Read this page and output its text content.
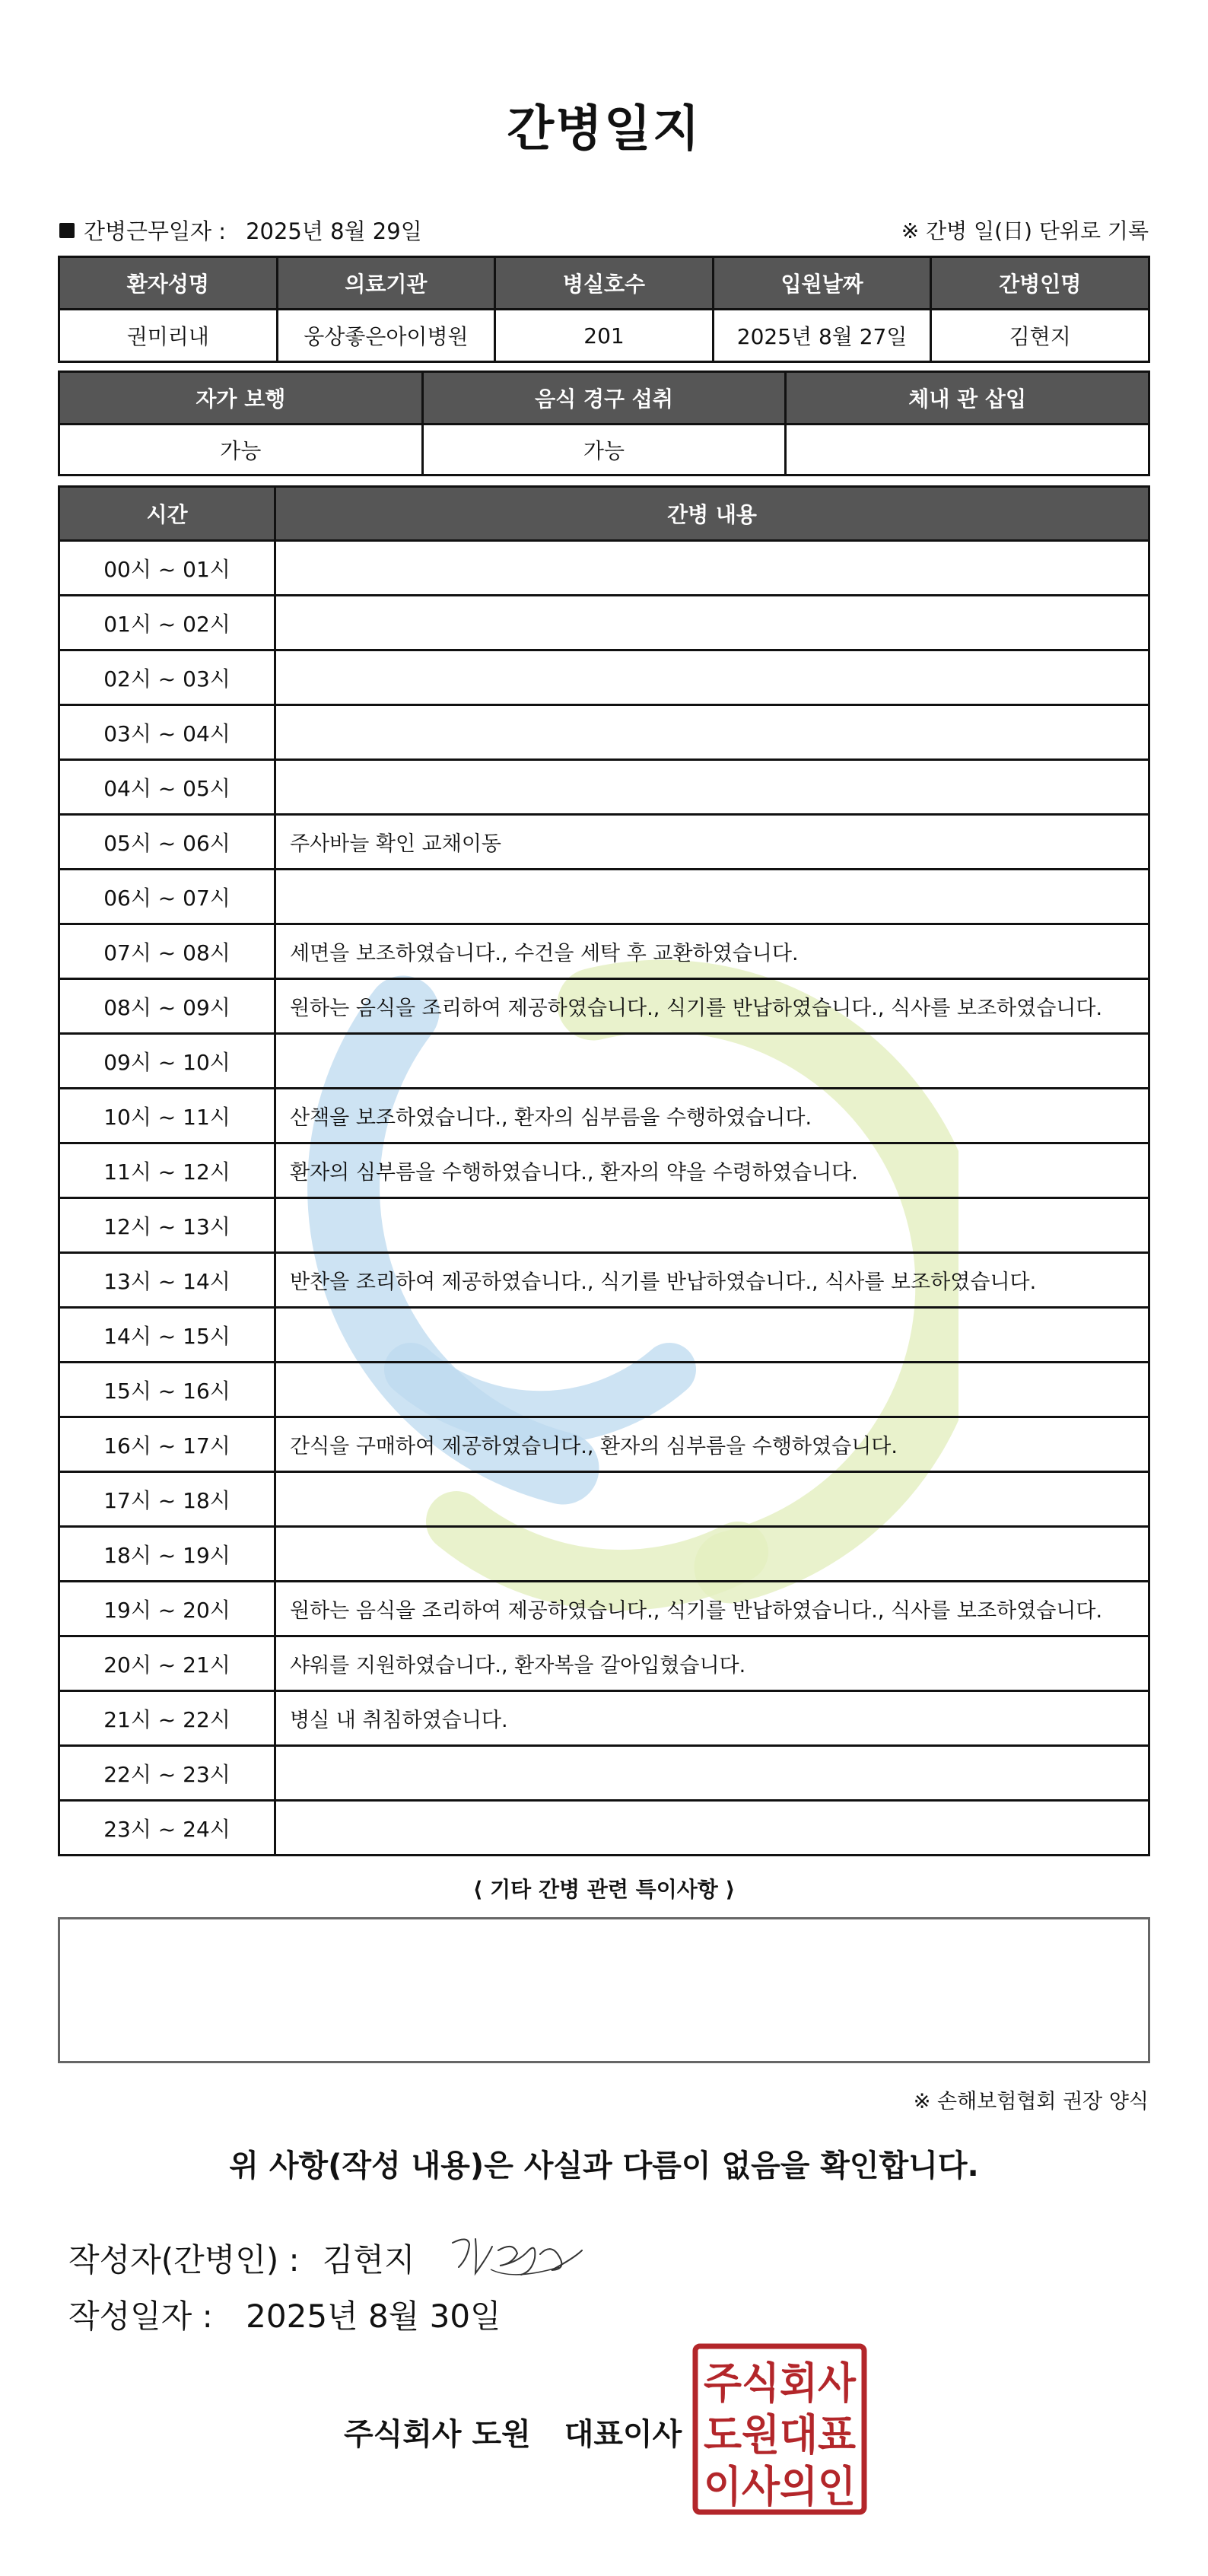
간병일지
간병근무일자 : 2025년 8월 29일	※ 간병 일(日) 단위로 기록
환자성명	의료기관	병실호수	입원날짜	간병인명
권미리내	웅상좋은아이병원	201	2025년 8월 27일	김현지
자가 보행	음식 경구 섭취	체내 관 삽입
가능	가능	
시간	간병 내용
00시 ~ 01시	
01시 ~ 02시	
02시 ~ 03시	
03시 ~ 04시	
04시 ~ 05시	
05시 ~ 06시	주사바늘 확인 교채이동
06시 ~ 07시	
07시 ~ 08시	세면을 보조하였습니다., 수건을 세탁 후 교환하였습니다.
08시 ~ 09시	원하는 음식을 조리하여 제공하였습니다., 식기를 반납하였습니다., 식사를 보조하였습니다.
09시 ~ 10시	
10시 ~ 11시	산책을 보조하였습니다., 환자의 심부름을 수행하였습니다.
11시 ~ 12시	환자의 심부름을 수행하였습니다., 환자의 약을 수령하였습니다.
12시 ~ 13시	
13시 ~ 14시	반찬을 조리하여 제공하였습니다., 식기를 반납하였습니다., 식사를 보조하였습니다.
14시 ~ 15시	
15시 ~ 16시	
16시 ~ 17시	간식을 구매하여 제공하였습니다., 환자의 심부름을 수행하였습니다.
17시 ~ 18시	
18시 ~ 19시	
19시 ~ 20시	원하는 음식을 조리하여 제공하였습니다., 식기를 반납하였습니다., 식사를 보조하였습니다.
20시 ~ 21시	샤워를 지원하였습니다., 환자복을 갈아입혔습니다.
21시 ~ 22시	병실 내 취침하였습니다.
22시 ~ 23시	
23시 ~ 24시	
⟨ 기타 간병 관련 특이사항 ⟩
※ 손해보험협회 권장 양식
위 사항(작성 내용)은 사실과 다름이 없음을 확인합니다.
작성자(간병인) : 김현지
작성일자 : 2025년 8월 30일
주식회사 도원 대표이사
주식회사
도원대표
이사의인
